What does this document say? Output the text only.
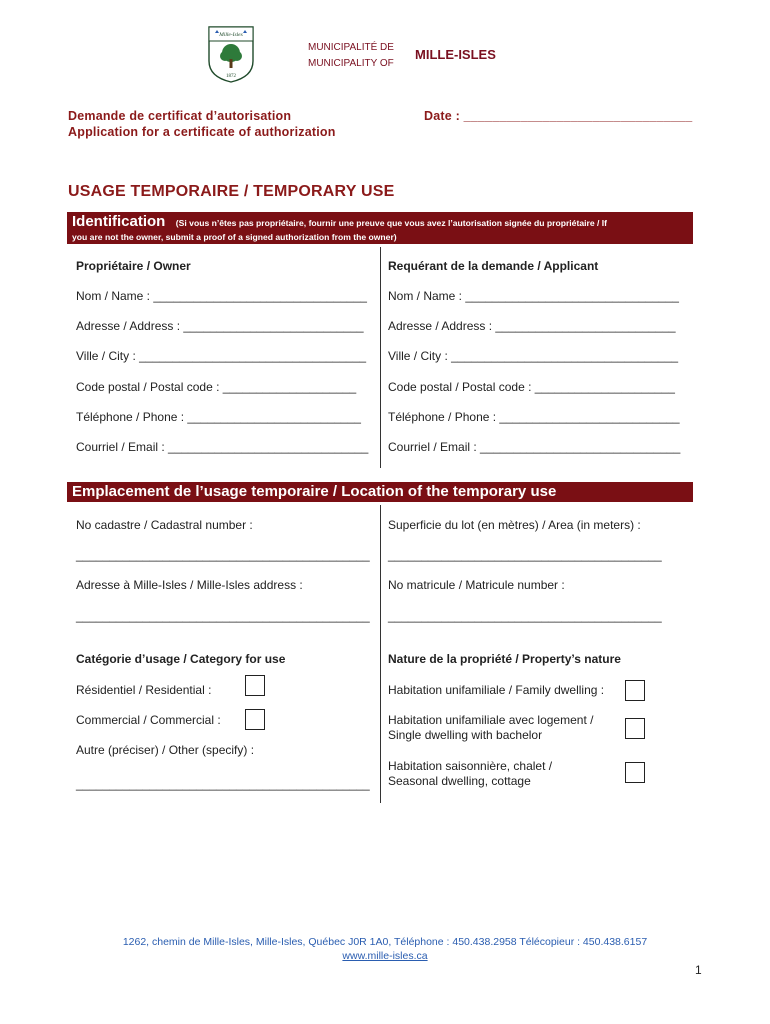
Mille-Isles
1872
MUNICIPALITÉ DE
MUNICIPALITY OF
MILLE-ISLES
Demande de certificat d’autorisation
Application for a certificate of authorization
Date : ________________________________
USAGE TEMPORAIRE / TEMPORARY USE
Identification (Si vous n’êtes pas propriétaire, fournir une preuve que vous avez l’autorisation signée du propriétaire / If
you are not the owner, submit a proof of a signed authorization from the owner)
Propriétaire / Owner
Nom / Name : ________________________________
Adresse / Address : ___________________________
Ville / City : __________________________________
Code postal / Postal code : ____________________
Téléphone / Phone : __________________________
Courriel / Email : ______________________________
Requérant de la demande / Applicant
Nom / Name : ________________________________
Adresse / Address : ___________________________
Ville / City : __________________________________
Code postal / Postal code : _____________________
Téléphone / Phone : ___________________________
Courriel / Email : ______________________________
Emplacement de l’usage temporaire / Location of the temporary use
No cadastre / Cadastral number :
____________________________________________
Superficie du lot (en mètres) / Area (in meters) :
_________________________________________
Adresse à Mille-Isles / Mille-Isles address :
____________________________________________
No matricule / Matricule number :
_________________________________________
Catégorie d’usage / Category for use
Résidentiel / Residential :
Commercial / Commercial :
Autre (préciser) / Other (specify) :
____________________________________________
Nature de la propriété / Property’s nature
Habitation unifamiliale / Family dwelling :
Habitation unifamiliale avec logement /
Single dwelling with bachelor
Habitation saisonnière, chalet /
Seasonal dwelling, cottage
1262, chemin de Mille-Isles, Mille-Isles, Québec J0R 1A0, Téléphone : 450.438.2958 Télécopieur : 450.438.6157
www.mille-isles.ca
1
